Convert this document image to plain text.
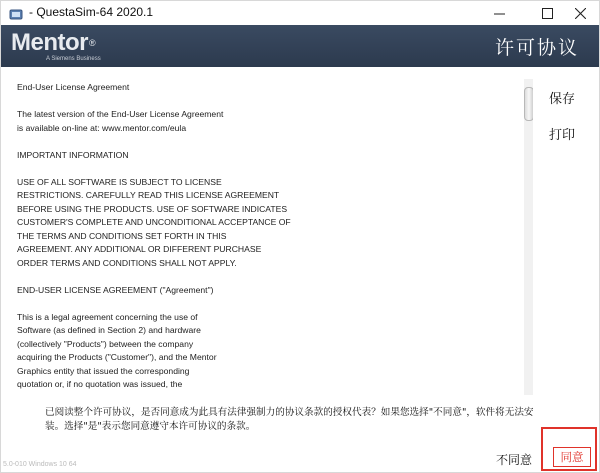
- QuestaSim-64 2020.1
Mentor®
A Siemens Business	许可协议

End-User License Agreement

The latest version of the End-User License Agreement
is available on-line at: www.mentor.com/eula

IMPORTANT INFORMATION

USE OF ALL SOFTWARE IS SUBJECT TO LICENSE
RESTRICTIONS. CAREFULLY READ THIS LICENSE AGREEMENT
BEFORE USING THE PRODUCTS. USE OF SOFTWARE INDICATES
CUSTOMER'S COMPLETE AND UNCONDITIONAL ACCEPTANCE OF
THE TERMS AND CONDITIONS SET FORTH IN THIS
AGREEMENT. ANY ADDITIONAL OR DIFFERENT PURCHASE
ORDER TERMS AND CONDITIONS SHALL NOT APPLY.

END-USER LICENSE AGREEMENT ("Agreement")

This is a legal agreement concerning the use of
Software (as defined in Section 2) and hardware
(collectively "Products") between the company
acquiring the Products ("Customer"), and the Mentor
Graphics entity that issued the corresponding
quotation or, if no quotation was issued, the

保存
打印
已阅读整个许可协议，是否同意成为此具有法律强制力的协议条款的授权代表？如果您选择"不同意"，软件将无法安装。选择"是"表示您同意遵守本许可协议的条款。
不同意	同意
5.0-010 Windows 10 64
